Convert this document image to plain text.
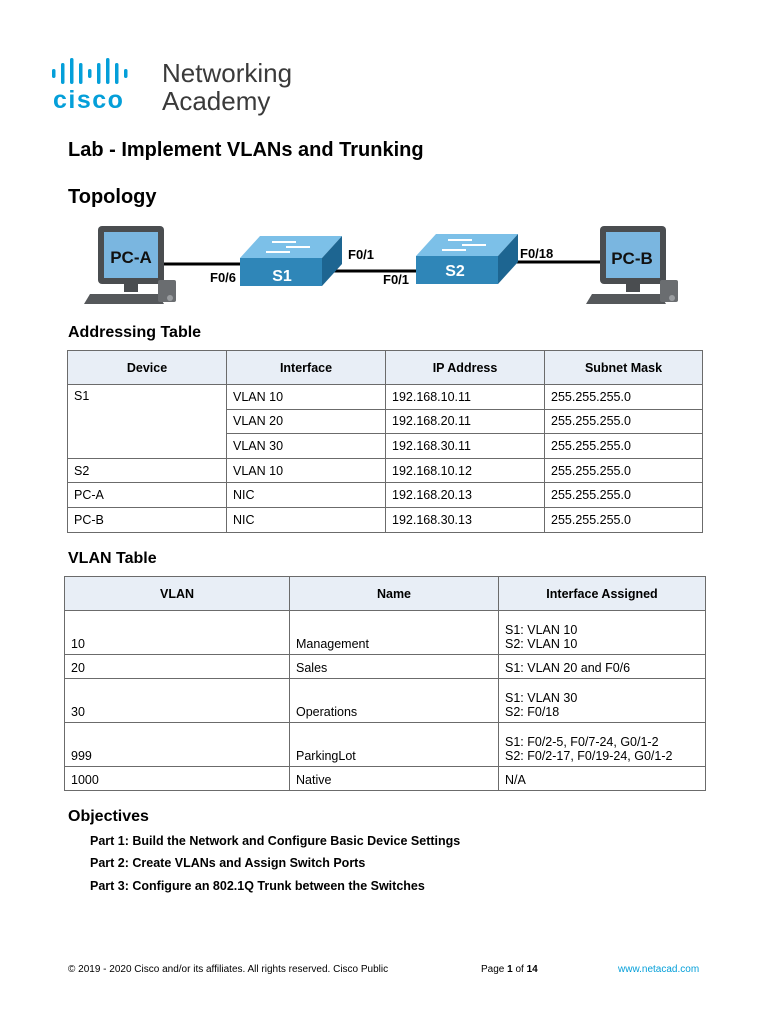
cisco
Networking
Academy
Lab - Implement VLANs and Trunking
Topology
PC-A
S1	S2
PC-B
F0/6
F0/1
F0/1
F0/18
Addressing Table
Device	Interface	IP Address	Subnet Mask
S1	VLAN 10	192.168.10.11	255.255.255.0
	VLAN 20	192.168.20.11	255.255.255.0
	VLAN 30	192.168.30.11	255.255.255.0
S2	VLAN 10	192.168.10.12	255.255.255.0
PC-A	NIC	192.168.20.13	255.255.255.0
PC-B	NIC	192.168.30.13	255.255.255.0
VLAN Table
VLAN	Name	Interface Assigned
10	Management	S1: VLAN 10
S2: VLAN 10

20	Sales	S1: VLAN 20 and F0/6
30	Operations	S1: VLAN 30
S2: F0/18

999	ParkingLot	S1: F0/2-5, F0/7-24, G0/1-2
S2: F0/2-17, F0/19-24, G0/1-2

1000	Native	N/A
Objectives
Part 1: Build the Network and Configure Basic Device Settings
Part 2: Create VLANs and Assign Switch Ports
Part 3: Configure an 802.1Q Trunk between the Switches
© 2019 - 2020 Cisco and/or its affiliates. All rights reserved. Cisco Public	Page 1 of 14	www.netacad.com
